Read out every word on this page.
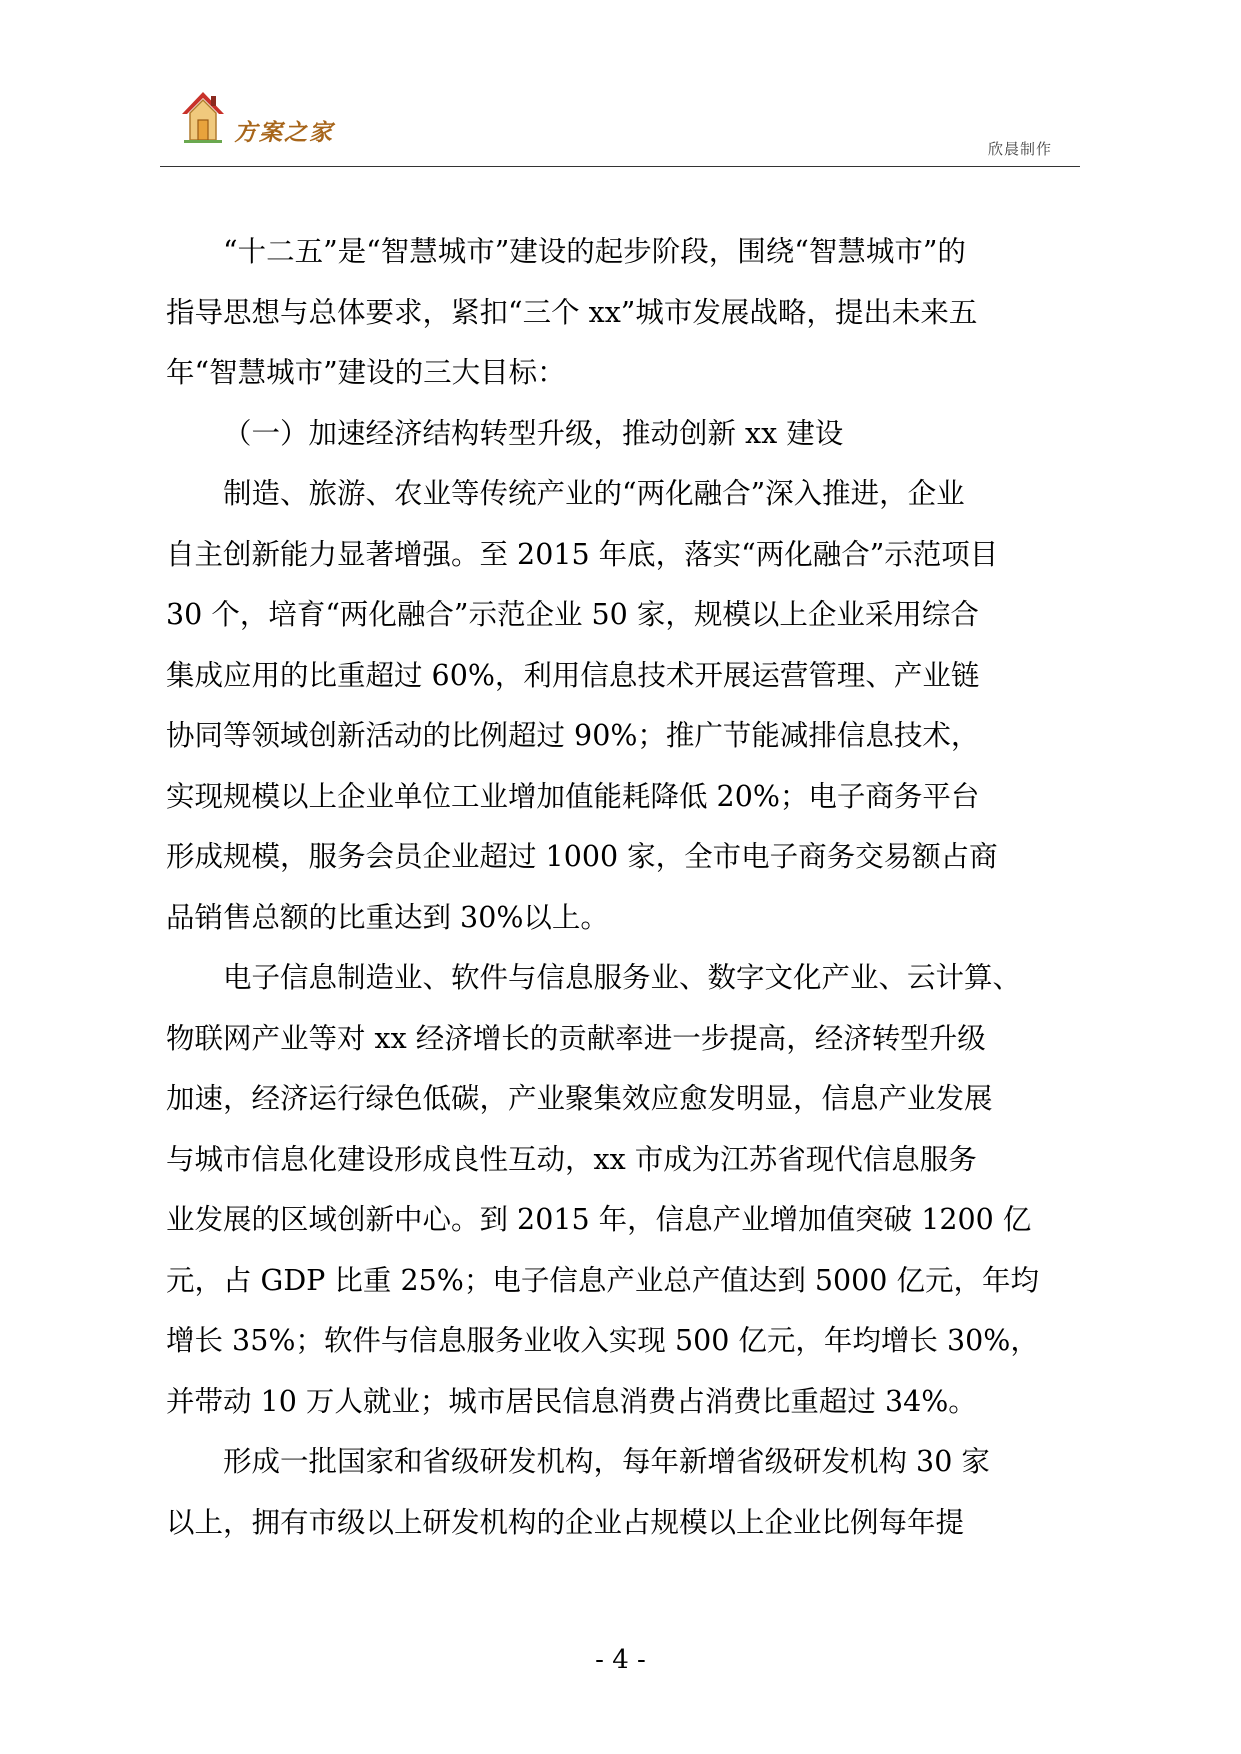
方案之家
欣晨制作
“十二五”是“智慧城市”建设的起步阶段，围绕“智慧城市”的
指导思想与总体要求，紧扣“三个 xx”城市发展战略，提出未来五
年“智慧城市”建设的三大目标：
（一）加速经济结构转型升级，推动创新 xx 建设
制造、旅游、农业等传统产业的“两化融合”深入推进，企业
自主创新能力显著增强。至 2015 年底，落实“两化融合”示范项目
30 个，培育“两化融合”示范企业 50 家，规模以上企业采用综合
集成应用的比重超过 60%，利用信息技术开展运营管理、产业链
协同等领域创新活动的比例超过 90%；推广节能减排信息技术，
实现规模以上企业单位工业增加值能耗降低 20%；电子商务平台
形成规模，服务会员企业超过 1000 家，全市电子商务交易额占商
品销售总额的比重达到 30%以上。
电子信息制造业、软件与信息服务业、数字文化产业、云计算、
物联网产业等对 xx 经济增长的贡献率进一步提高，经济转型升级
加速，经济运行绿色低碳，产业聚集效应愈发明显，信息产业发展
与城市信息化建设形成良性互动，xx 市成为江苏省现代信息服务
业发展的区域创新中心。到 2015 年，信息产业增加值突破 1200 亿
元，占 GDP 比重 25%；电子信息产业总产值达到 5000 亿元，年均
增长 35%；软件与信息服务业收入实现 500 亿元，年均增长 30%，
并带动 10 万人就业；城市居民信息消费占消费比重超过 34%。
形成一批国家和省级研发机构，每年新增省级研发机构 30 家
以上，拥有市级以上研发机构的企业占规模以上企业比例每年提
- 4 -
